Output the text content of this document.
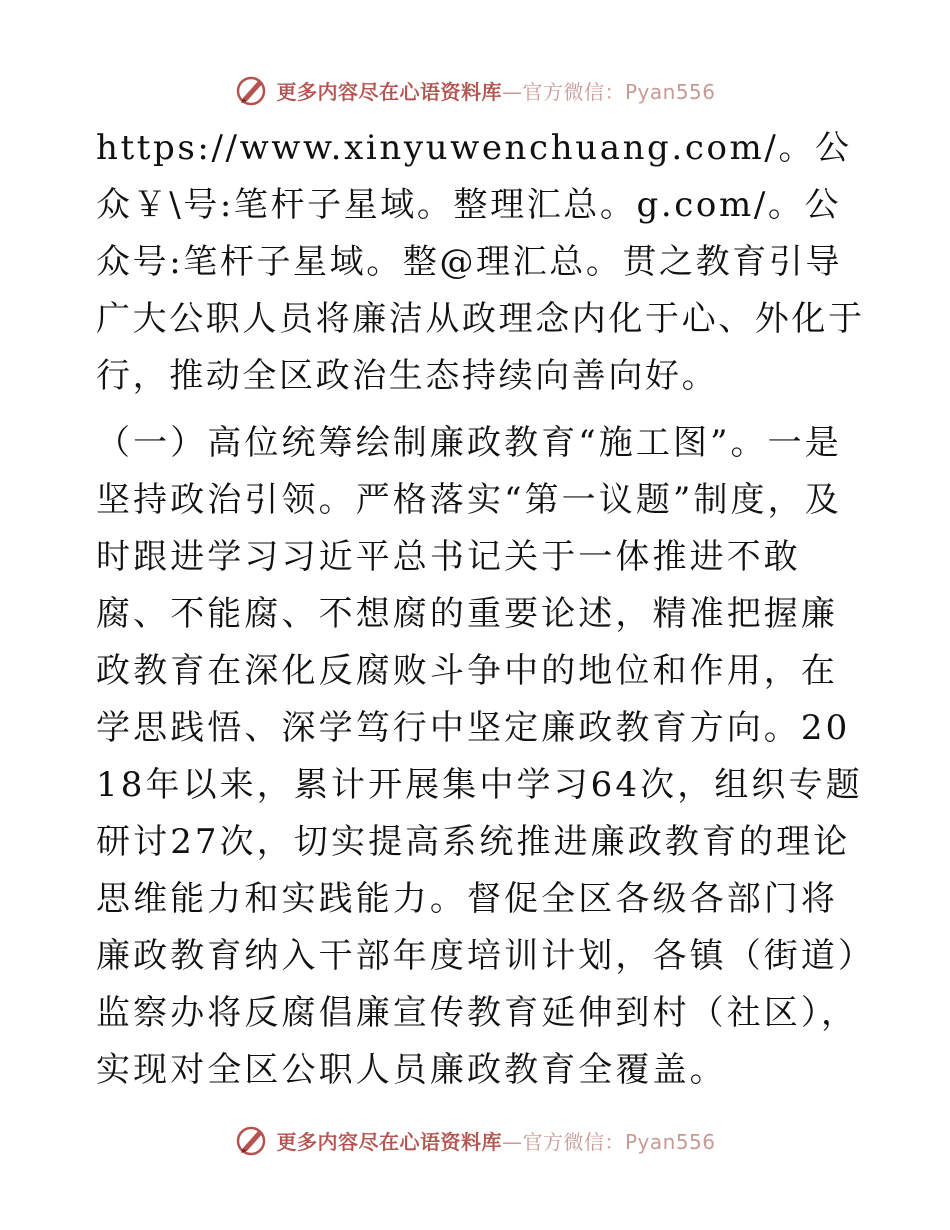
更多内容尽在心语资料库—官方微信：Pyan556

https://www.xinyuwenchuang.com/。公众￥\号:笔杆子星域。整理汇总。g.com/。公众号:笔杆子星域。整@理汇总。贯之教育引导广大公职人员将廉洁从政理念内化于心、外化于行，推动全区政治生态持续向善向好。

（一）高位统筹绘制廉政教育“施工图”。一是坚持政治引领。严格落实“第一议题”制度，及时跟进学习习近平总书记关于一体推进不敢腐、不能腐、不想腐的重要论述，精准把握廉政教育在深化反腐败斗争中的地位和作用，在学思践悟、深学笃行中坚定廉政教育方向。2018年以来，累计开展集中学习64次，组织专题研讨27次，切实提高系统推进廉政教育的理论思维能力和实践能力。督促全区各级各部门将廉政教育纳入干部年度培训计划，各镇（街道）监察办将反腐倡廉宣传教育延伸到村（社区），实现对全区公职人员廉政教育全覆盖。

更多内容尽在心语资料库—官方微信：Pyan556
